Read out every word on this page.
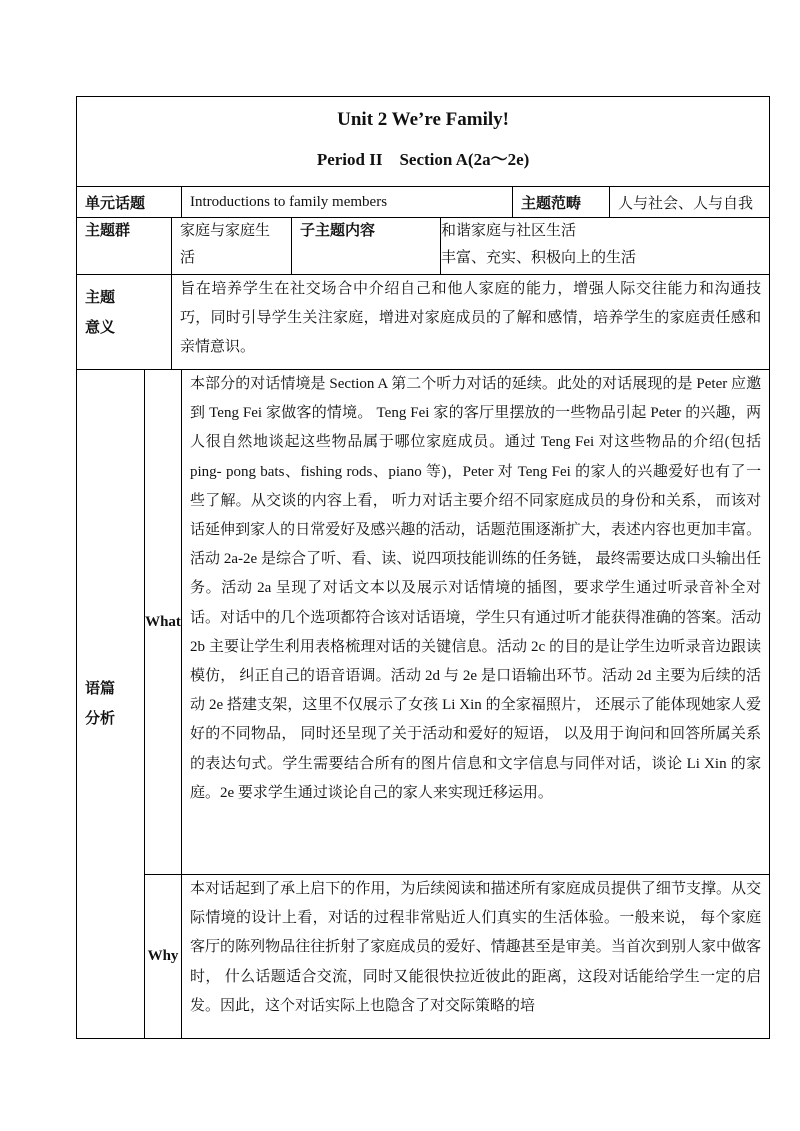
Unit 2 We’re Family!
Period II    Section A(2a～2e)							

单元话题			Introductions to family members			主题范畴	人与社会、人与自我
主题群		家庭与家庭生活		子主题内容	和谐家庭与社区生活
丰富、充实、积极向上的生活		

主题
意义		旨在培养学生在社交场合中介绍自己和他人家庭的能力，增强人际交往能力和沟通技巧，同时引导学生关注家庭，增进对家庭成员的了解和感情，培养学生的家庭责任感和亲情意识。					

语篇
分析	What		本部分的对话情境是 Section A 第二个听力对话的延续。此处的对话展现的是 Peter 应邀到 Teng Fei 家做客的情境。 Teng Fei 家的客厅里摆放的一些物品引起 Peter 的兴趣，两人很自然地谈起这些物品属于哪位家庭成员。通过 Teng Fei 对这些物品的介绍(包括 ping- pong bats、fishing rods、piano 等)，Peter 对 Teng Fei 的家人的兴趣爱好也有了一些了解。从交谈的内容上看， 听力对话主要介绍不同家庭成员的身份和关系， 而该对话延伸到家人的日常爱好及感兴趣的活动，话题范围逐渐扩大，表述内容也更加丰富。活动 2a-2e 是综合了听、看、读、说四项技能训练的任务链， 最终需要达成口头输出任务。活动 2a 呈现了对话文本以及展示对话情境的插图，要求学生通过听录音补全对话。对话中的几个选项都符合该对话语境，学生只有通过听才能获得准确的答案。活动 2b 主要让学生利用表格梳理对话的关键信息。活动 2c 的目的是让学生边听录音边跟读模仿， 纠正自己的语音语调。活动 2d 与 2e 是口语输出环节。活动 2d 主要为后续的活动 2e 搭建支架，这里不仅展示了女孩 Li Xin 的全家福照片， 还展示了能体现她家人爱好的不同物品， 同时还呈现了关于活动和爱好的短语， 以及用于询问和回答所属关系的表达句式。学生需要结合所有的图片信息和文字信息与同伴对话，谈论 Li Xin 的家庭。2e 要求学生通过谈论自己的家人来实现迁移运用。				
	Why		本对话起到了承上启下的作用，为后续阅读和描述所有家庭成员提供了细节支撑。从交际情境的设计上看，对话的过程非常贴近人们真实的生活体验。一般来说， 每个家庭客厅的陈列物品往往折射了家庭成员的爱好、情趣甚至是审美。当首次到别人家中做客时， 什么话题适合交流，同时又能很快拉近彼此的距离，这段对话能给学生一定的启发。因此，这个对话实际上也隐含了对交际策略的培				
